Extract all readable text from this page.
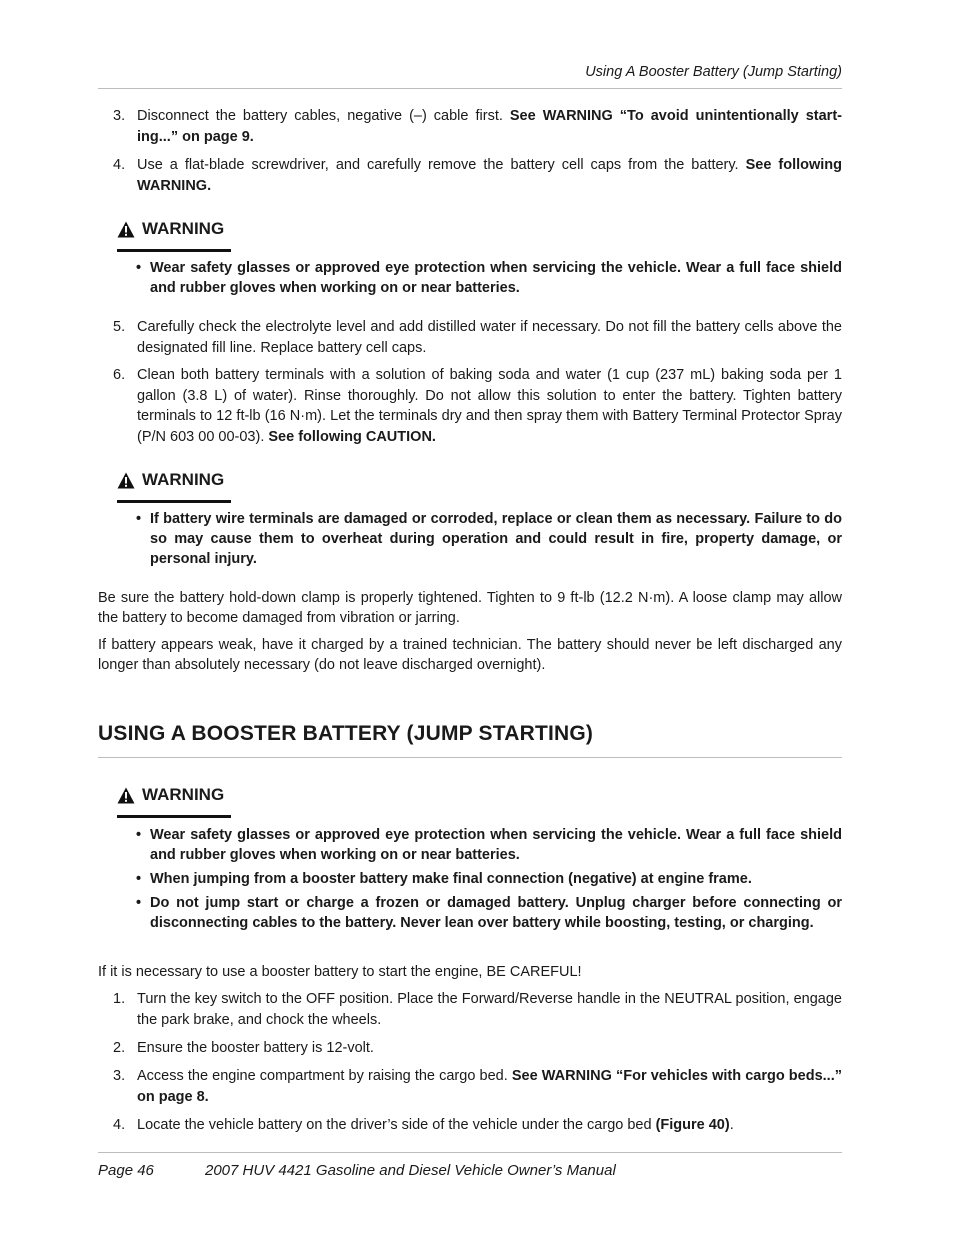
Using A Booster Battery (Jump Starting)
3. Disconnect the battery cables, negative (–) cable first. See WARNING “To avoid unintentionally start-ing...” on page 9.
4. Use a flat-blade screwdriver, and carefully remove the battery cell caps from the battery. See following WARNING.
WARNING
• Wear safety glasses or approved eye protection when servicing the vehicle. Wear a full face shield and rubber gloves when working on or near batteries.
5. Carefully check the electrolyte level and add distilled water if necessary. Do not fill the battery cells above the designated fill line. Replace battery cell caps.
6. Clean both battery terminals with a solution of baking soda and water (1 cup (237 mL) baking soda per 1 gallon (3.8 L) of water). Rinse thoroughly. Do not allow this solution to enter the battery. Tighten battery terminals to 12 ft-lb (16 N·m). Let the terminals dry and then spray them with Battery Terminal Protector Spray (P/N 603 00 00-03). See following CAUTION.
WARNING
• If battery wire terminals are damaged or corroded, replace or clean them as necessary. Failure to do so may cause them to overheat during operation and could result in fire, property damage, or personal injury.
Be sure the battery hold-down clamp is properly tightened. Tighten to 9 ft-lb (12.2 N·m). A loose clamp may allow the battery to become damaged from vibration or jarring.
If battery appears weak, have it charged by a trained technician. The battery should never be left discharged any longer than absolutely necessary (do not leave discharged overnight).
USING A BOOSTER BATTERY (JUMP STARTING)
WARNING
• Wear safety glasses or approved eye protection when servicing the vehicle. Wear a full face shield and rubber gloves when working on or near batteries.
• When jumping from a booster battery make final connection (negative) at engine frame.
• Do not jump start or charge a frozen or damaged battery. Unplug charger before connecting or disconnecting cables to the battery. Never lean over battery while boosting, testing, or charging.
If it is necessary to use a booster battery to start the engine, BE CAREFUL!
1. Turn the key switch to the OFF position. Place the Forward/Reverse handle in the NEUTRAL position, engage the park brake, and chock the wheels.
2. Ensure the booster battery is 12-volt.
3. Access the engine compartment by raising the cargo bed. See WARNING “For vehicles with cargo beds...” on page 8.
4. Locate the vehicle battery on the driver’s side of the vehicle under the cargo bed (Figure 40).
Page 46	2007 HUV 4421 Gasoline and Diesel Vehicle Owner’s Manual
